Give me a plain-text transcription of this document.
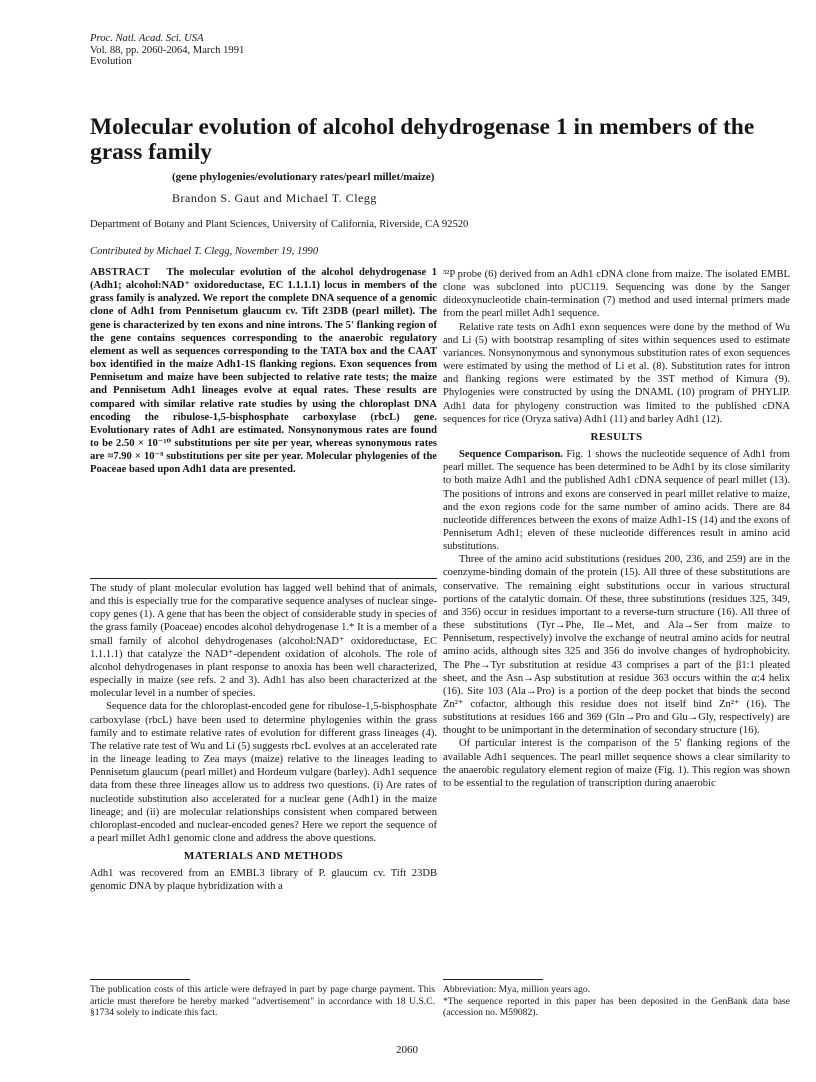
Proc. Natl. Acad. Sci. USA
Vol. 88, pp. 2060-2064, March 1991
Evolution
Molecular evolution of alcohol dehydrogenase 1 in members of the grass family
(gene phylogenies/evolutionary rates/pearl millet/maize)
Brandon S. Gaut and Michael T. Clegg
Department of Botany and Plant Sciences, University of California, Riverside, CA 92520
Contributed by Michael T. Clegg, November 19, 1990

ABSTRACT The molecular evolution of the alcohol dehydrogenase 1 (Adh1; alcohol:NAD⁺ oxidoreductase, EC 1.1.1.1) locus in members of the grass family is analyzed. We report the complete DNA sequence of a genomic clone of Adh1 from Pennisetum glaucum cv. Tift 23DB (pearl millet). The gene is characterized by ten exons and nine introns. The 5' flanking region of the gene contains sequences corresponding to the anaerobic regulatory element as well as sequences corresponding to the TATA box and the CAAT box identified in the maize Adh1-1S flanking regions. Exon sequences from Pennisetum and maize have been subjected to relative rate tests; the maize and Pennisetum Adh1 lineages evolve at equal rates. These results are compared with similar relative rate studies by using the chloroplast DNA encoding the ribulose-1,5-bisphosphate carboxylase (rbcL) gene. Evolutionary rates of Adh1 are estimated. Nonsynonymous rates are found to be 2.50 × 10⁻¹⁰ substitutions per site per year, whereas synonymous rates are ≈7.90 × 10⁻⁹ substitutions per site per year. Molecular phylogenies of the Poaceae based upon Adh1 data are presented.

The study of plant molecular evolution has lagged well behind that of animals, and this is especially true for the comparative sequence analyses of nuclear singe-copy genes (1). A gene that has been the object of considerable study in species of the grass family (Poaceae) encodes alcohol dehydrogenase 1.* It is a member of a small family of alcohol dehydrogenases (alcohol:NAD⁺ oxidoreductase, EC 1.1.1.1) that catalyze the NAD⁺-dependent oxidation of alcohols. The role of alcohol dehydrogenases in plant response to anoxia has been well characterized, especially in maize (see refs. 2 and 3). Adh1 has also been characterized at the molecular level in a number of species.

Sequence data for the chloroplast-encoded gene for ribulose-1,5-bisphosphate carboxylase (rbcL) have been used to determine phylogenies within the grass family and to estimate relative rates of evolution for different grass lineages (4). The relative rate test of Wu and Li (5) suggests rbcL evolves at an accelerated rate in the lineage leading to Zea mays (maize) relative to the lineages leading to Pennisetum glaucum (pearl millet) and Hordeum vulgare (barley). Adh1 sequence data from these three lineages allow us to address two questions. (i) Are rates of nucleotide substitution also accelerated for a nuclear gene (Adh1) in the maize lineage; and (ii) are molecular relationships consistent when compared between chloroplast-encoded and nuclear-encoded genes? Here we report the sequence of a pearl millet Adh1 genomic clone and address the above questions.

MATERIALS AND METHODS

Adh1 was recovered from an EMBL3 library of P. glaucum cv. Tift 23DB genomic DNA by plaque hybridization with a

³²P probe (6) derived from an Adh1 cDNA clone from maize. The isolated EMBL clone was subcloned into pUC119. Sequencing was done by the Sanger dideoxynucleotide chain-termination (7) method and used internal primers made from the pearl millet Adh1 sequence.

Relative rate tests on Adh1 exon sequences were done by the method of Wu and Li (5) with bootstrap resampling of sites within sequences used to estimate variances. Nonsynonymous and synonymous substitution rates of exon sequences were estimated by using the method of Li et al. (8). Substitution rates for intron and flanking regions were estimated by the 3ST method of Kimura (9). Phylogenies were constructed by using the DNAML (10) program of PHYLIP. Adh1 data for phylogeny construction was limited to the published cDNA sequences for rice (Oryza sativa) Adh1 (11) and barley Adh1 (12).

RESULTS

Sequence Comparison. Fig. 1 shows the nucleotide sequence of Adh1 from pearl millet. The sequence has been determined to be Adh1 by its close similarity to both maize Adh1 and the published Adh1 cDNA sequence of pearl millet (13). The positions of introns and exons are conserved in pearl millet relative to maize, and the exon regions code for the same number of amino acids. There are 84 nucleotide differences between the exons of maize Adh1-1S (14) and the exons of Pennisetum Adh1; eleven of these nucleotide differences result in amino acid substitutions.

Three of the amino acid substitutions (residues 200, 236, and 259) are in the coenzyme-binding domain of the protein (15). All three of these substitutions are conservative. The remaining eight substitutions occur in various structural portions of the catalytic domain. Of these, three substitutions (residues 325, 349, and 356) occur in residues important to a reverse-turn structure (16). All three of these substitutions (Tyr→Phe, Ile→Met, and Ala→Ser from maize to Pennisetum, respectively) involve the exchange of neutral amino acids for neutral amino acids, although sites 325 and 356 do involve changes of hydrophobicity. The Phe→Tyr substitution at residue 43 comprises a part of the β1:1 pleated sheet, and the Asn→Asp substitution at residue 363 occurs within the α:4 helix (16). Site 103 (Ala→Pro) is a portion of the deep pocket that binds the second Zn²⁺ cofactor, although this residue does not itself bind Zn²⁺ (16). The substitutions at residues 166 and 369 (Gln→Pro and Glu→Gly, respectively) are thought to be unimportant in the determination of secondary structure (16).

Of particular interest is the comparison of the 5' flanking regions of the available Adh1 sequences. The pearl millet sequence shows a clear similarity to the anaerobic regulatory element region of maize (Fig. 1). This region was shown to be essential to the regulation of transcription during anaerobic

The publication costs of this article were defrayed in part by page charge payment. This article must therefore be hereby marked "advertisement" in accordance with 18 U.S.C. §1734 solely to indicate this fact.
Abbreviation: Mya, million years ago.
*The sequence reported in this paper has been deposited in the GenBank data base (accession no. M59082).
2060
